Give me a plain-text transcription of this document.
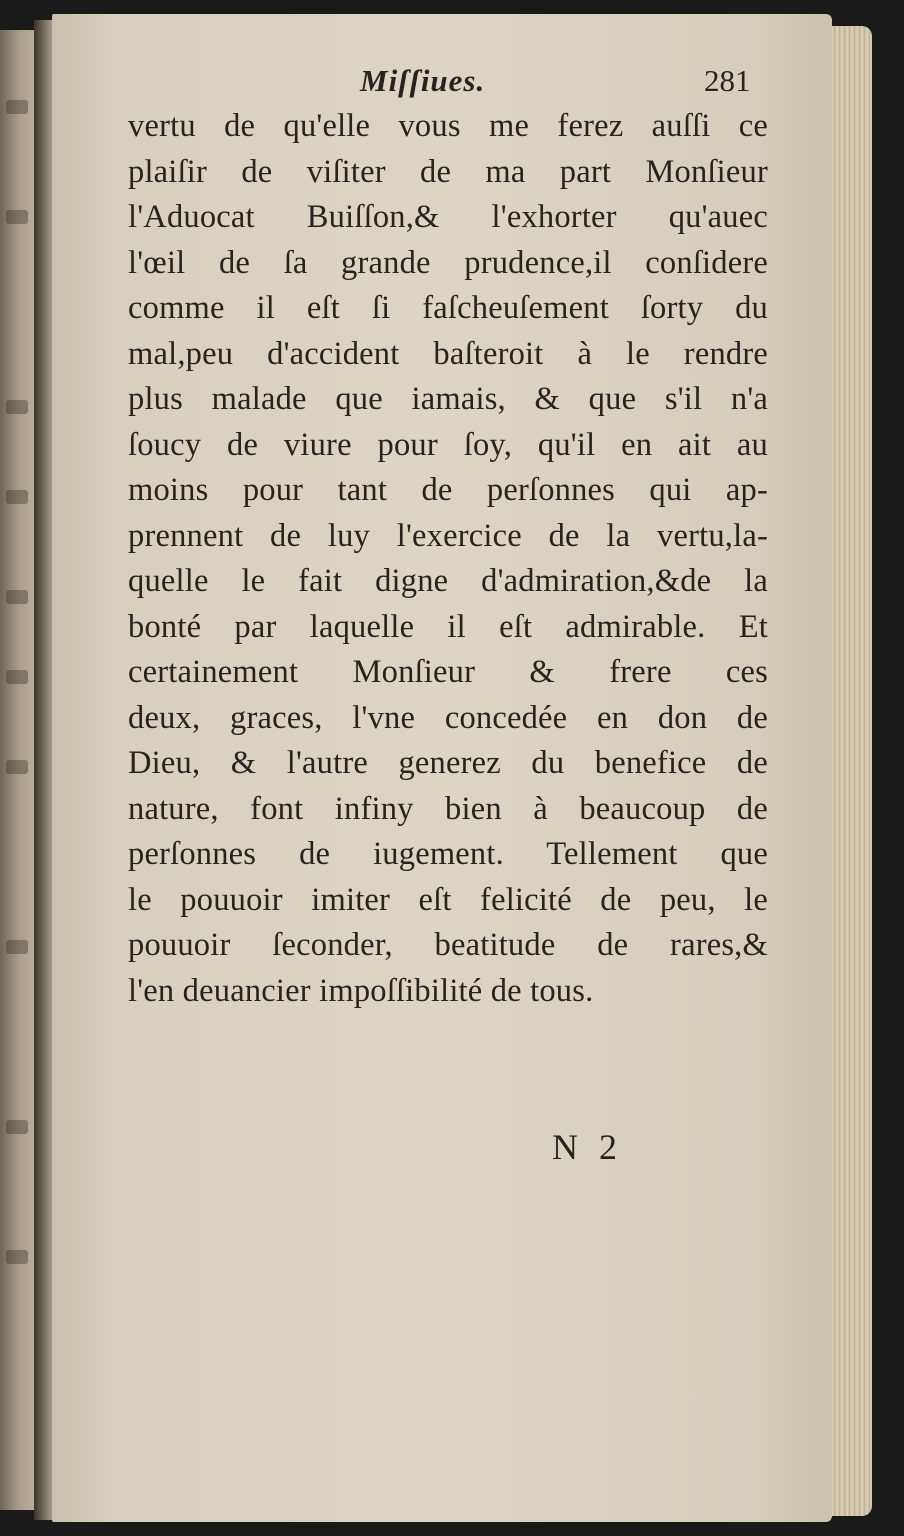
Miſſiues.	281
vertu de qu'elle vous me ferez auſſi ce
plaiſir de viſiter de ma part Monſieur
l'Aduocat Buiſſon,& l'exhorter qu'auec
l'œil de ſa grande prudence,il conſidere
comme il eſt ſi faſcheuſement ſorty du
mal,peu d'accident baſteroit à le rendre
plus malade que iamais, & que s'il n'a
ſoucy de viure pour ſoy, qu'il en ait au
moins pour tant de perſonnes qui ap-
prennent de luy l'exercice de la vertu,la-
quelle le fait digne d'admiration,&de la
bonté par laquelle il eſt admirable. Et
certainement Monſieur & frere ces
deux, graces, l'vne concedée en don de
Dieu, & l'autre generez du benefice de
nature, font infiny bien à beaucoup de
perſonnes de iugement. Tellement que
le pouuoir imiter eſt felicité de peu, le
pouuoir ſeconder, beatitude de rares,&
l'en deuancier impoſſibilité de tous.
N 2
